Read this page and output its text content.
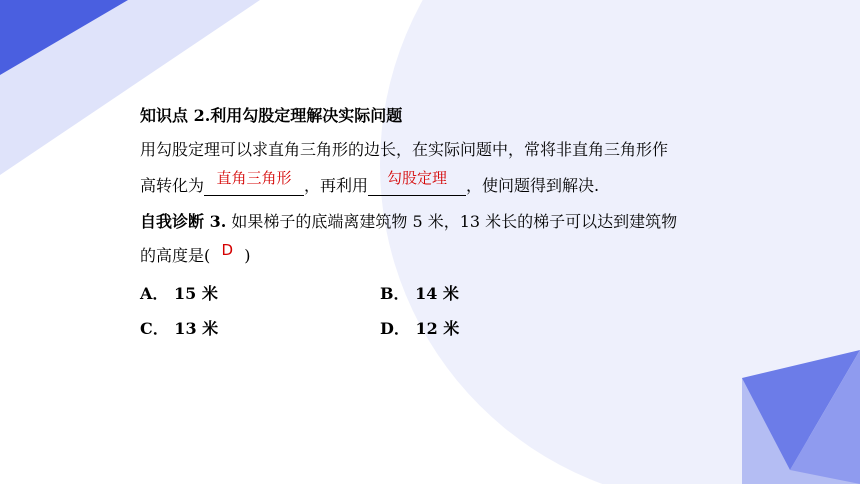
知识点 2.利用勾股定理解决实际问题
用勾股定理可以求直角三角形的边长，在实际问题中，常将非直角三角形作
高转化为 直角三角形 ，再利用	勾股定理	，使问题得到解决.
自我诊断 3. 如果梯子的底端离建筑物 5 米，13 米长的梯子可以达到建筑物
的高度是( D )
A． 15 米	B． 14 米
C． 13 米	D． 12 米
